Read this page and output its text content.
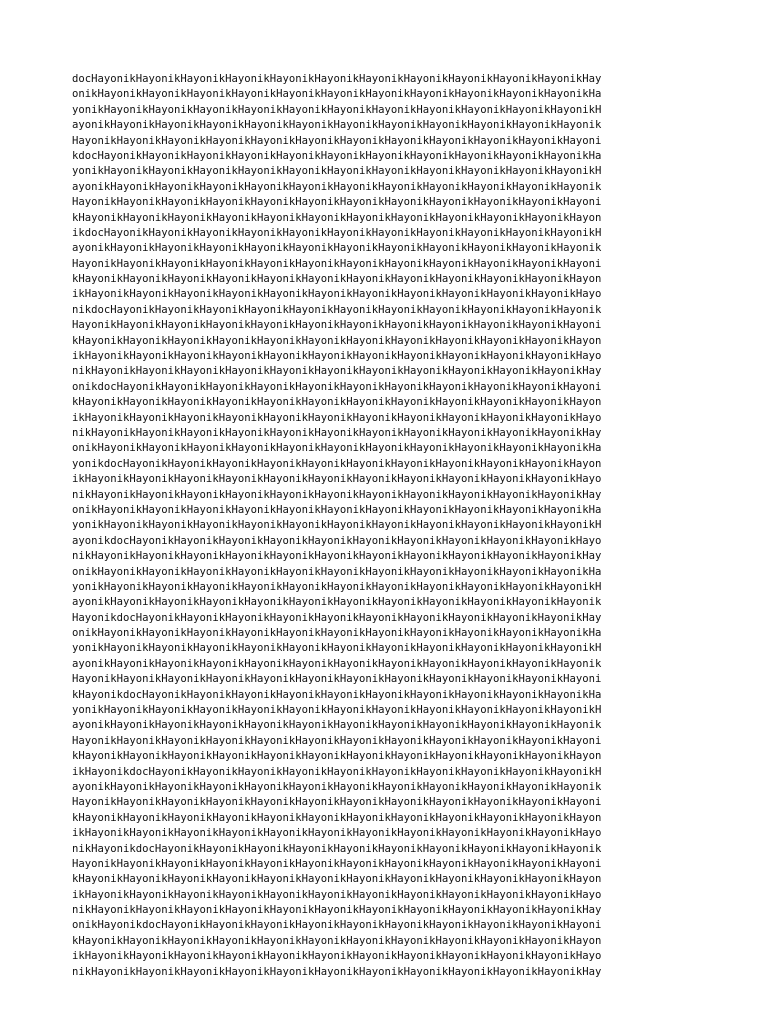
docHayonikHayonikHayonikHayonikHayonikHayonikHayonikHayonikHayonikHayonikHayonikHay
onikHayonikHayonikHayonikHayonikHayonikHayonikHayonikHayonikHayonikHayonikHayonikHa
yonikHayonikHayonikHayonikHayonikHayonikHayonikHayonikHayonikHayonikHayonikHayonikH
ayonikHayonikHayonikHayonikHayonikHayonikHayonikHayonikHayonikHayonikHayonikHayonik
HayonikHayonikHayonikHayonikHayonikHayonikHayonikHayonikHayonikHayonikHayonikHayoni
kdocHayonikHayonikHayonikHayonikHayonikHayonikHayonikHayonikHayonikHayonikHayonikHa
yonikHayonikHayonikHayonikHayonikHayonikHayonikHayonikHayonikHayonikHayonikHayonikH
ayonikHayonikHayonikHayonikHayonikHayonikHayonikHayonikHayonikHayonikHayonikHayonik
HayonikHayonikHayonikHayonikHayonikHayonikHayonikHayonikHayonikHayonikHayonikHayoni
kHayonikHayonikHayonikHayonikHayonikHayonikHayonikHayonikHayonikHayonikHayonikHayon
ikdocHayonikHayonikHayonikHayonikHayonikHayonikHayonikHayonikHayonikHayonikHayonikH
ayonikHayonikHayonikHayonikHayonikHayonikHayonikHayonikHayonikHayonikHayonikHayonik
HayonikHayonikHayonikHayonikHayonikHayonikHayonikHayonikHayonikHayonikHayonikHayoni
kHayonikHayonikHayonikHayonikHayonikHayonikHayonikHayonikHayonikHayonikHayonikHayon
ikHayonikHayonikHayonikHayonikHayonikHayonikHayonikHayonikHayonikHayonikHayonikHayo
nikdocHayonikHayonikHayonikHayonikHayonikHayonikHayonikHayonikHayonikHayonikHayonik
HayonikHayonikHayonikHayonikHayonikHayonikHayonikHayonikHayonikHayonikHayonikHayoni
kHayonikHayonikHayonikHayonikHayonikHayonikHayonikHayonikHayonikHayonikHayonikHayon
ikHayonikHayonikHayonikHayonikHayonikHayonikHayonikHayonikHayonikHayonikHayonikHayo
nikHayonikHayonikHayonikHayonikHayonikHayonikHayonikHayonikHayonikHayonikHayonikHay
onikdocHayonikHayonikHayonikHayonikHayonikHayonikHayonikHayonikHayonikHayonikHayoni
kHayonikHayonikHayonikHayonikHayonikHayonikHayonikHayonikHayonikHayonikHayonikHayon
ikHayonikHayonikHayonikHayonikHayonikHayonikHayonikHayonikHayonikHayonikHayonikHayo
nikHayonikHayonikHayonikHayonikHayonikHayonikHayonikHayonikHayonikHayonikHayonikHay
onikHayonikHayonikHayonikHayonikHayonikHayonikHayonikHayonikHayonikHayonikHayonikHa
yonikdocHayonikHayonikHayonikHayonikHayonikHayonikHayonikHayonikHayonikHayonikHayon
ikHayonikHayonikHayonikHayonikHayonikHayonikHayonikHayonikHayonikHayonikHayonikHayo
nikHayonikHayonikHayonikHayonikHayonikHayonikHayonikHayonikHayonikHayonikHayonikHay
onikHayonikHayonikHayonikHayonikHayonikHayonikHayonikHayonikHayonikHayonikHayonikHa
yonikHayonikHayonikHayonikHayonikHayonikHayonikHayonikHayonikHayonikHayonikHayonikH
ayonikdocHayonikHayonikHayonikHayonikHayonikHayonikHayonikHayonikHayonikHayonikHayo
nikHayonikHayonikHayonikHayonikHayonikHayonikHayonikHayonikHayonikHayonikHayonikHay
onikHayonikHayonikHayonikHayonikHayonikHayonikHayonikHayonikHayonikHayonikHayonikHa
yonikHayonikHayonikHayonikHayonikHayonikHayonikHayonikHayonikHayonikHayonikHayonikH
ayonikHayonikHayonikHayonikHayonikHayonikHayonikHayonikHayonikHayonikHayonikHayonik
HayonikdocHayonikHayonikHayonikHayonikHayonikHayonikHayonikHayonikHayonikHayonikHay
onikHayonikHayonikHayonikHayonikHayonikHayonikHayonikHayonikHayonikHayonikHayonikHa
yonikHayonikHayonikHayonikHayonikHayonikHayonikHayonikHayonikHayonikHayonikHayonikH
ayonikHayonikHayonikHayonikHayonikHayonikHayonikHayonikHayonikHayonikHayonikHayonik
HayonikHayonikHayonikHayonikHayonikHayonikHayonikHayonikHayonikHayonikHayonikHayoni
kHayonikdocHayonikHayonikHayonikHayonikHayonikHayonikHayonikHayonikHayonikHayonikHa
yonikHayonikHayonikHayonikHayonikHayonikHayonikHayonikHayonikHayonikHayonikHayonikH
ayonikHayonikHayonikHayonikHayonikHayonikHayonikHayonikHayonikHayonikHayonikHayonik
HayonikHayonikHayonikHayonikHayonikHayonikHayonikHayonikHayonikHayonikHayonikHayoni
kHayonikHayonikHayonikHayonikHayonikHayonikHayonikHayonikHayonikHayonikHayonikHayon
ikHayonikdocHayonikHayonikHayonikHayonikHayonikHayonikHayonikHayonikHayonikHayonikH
ayonikHayonikHayonikHayonikHayonikHayonikHayonikHayonikHayonikHayonikHayonikHayonik
HayonikHayonikHayonikHayonikHayonikHayonikHayonikHayonikHayonikHayonikHayonikHayoni
kHayonikHayonikHayonikHayonikHayonikHayonikHayonikHayonikHayonikHayonikHayonikHayon
ikHayonikHayonikHayonikHayonikHayonikHayonikHayonikHayonikHayonikHayonikHayonikHayo
nikHayonikdocHayonikHayonikHayonikHayonikHayonikHayonikHayonikHayonikHayonikHayonik
HayonikHayonikHayonikHayonikHayonikHayonikHayonikHayonikHayonikHayonikHayonikHayoni
kHayonikHayonikHayonikHayonikHayonikHayonikHayonikHayonikHayonikHayonikHayonikHayon
ikHayonikHayonikHayonikHayonikHayonikHayonikHayonikHayonikHayonikHayonikHayonikHayo
nikHayonikHayonikHayonikHayonikHayonikHayonikHayonikHayonikHayonikHayonikHayonikHay
onikHayonikdocHayonikHayonikHayonikHayonikHayonikHayonikHayonikHayonikHayonikHayoni
kHayonikHayonikHayonikHayonikHayonikHayonikHayonikHayonikHayonikHayonikHayonikHayon
ikHayonikHayonikHayonikHayonikHayonikHayonikHayonikHayonikHayonikHayonikHayonikHayo
nikHayonikHayonikHayonikHayonikHayonikHayonikHayonikHayonikHayonikHayonikHayonikHay
